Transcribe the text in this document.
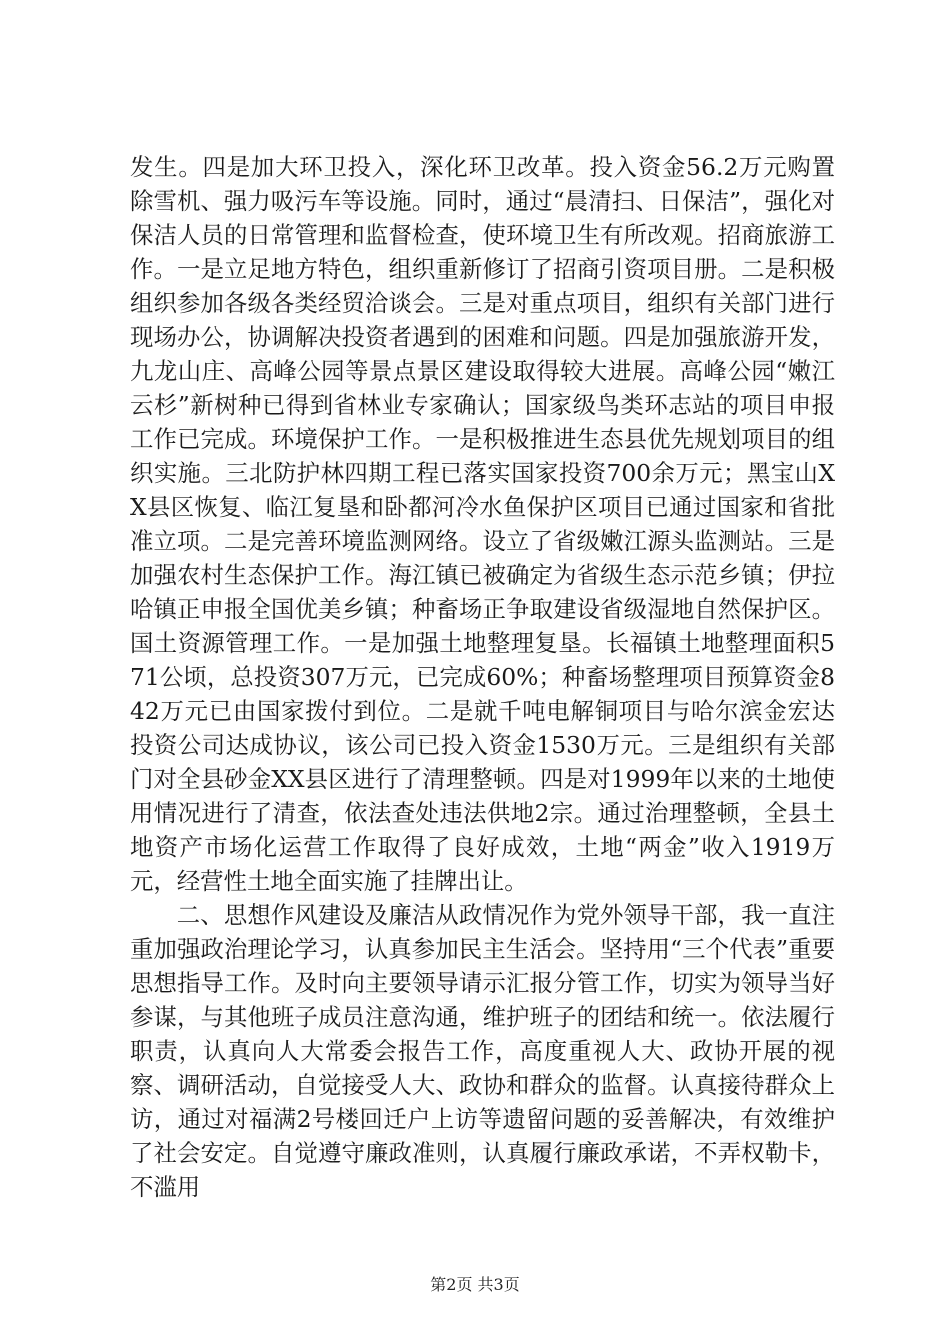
发生。四是加大环卫投入，深化环卫改革。投入资金56.2万元购置除雪机、强力吸污车等设施。同时，通过“晨清扫、日保洁”，强化对保洁人员的日常管理和监督检查，使环境卫生有所改观。招商旅游工作。一是立足地方特色，组织重新修订了招商引资项目册。二是积极组织参加各级各类经贸洽谈会。三是对重点项目，组织有关部门进行现场办公，协调解决投资者遇到的困难和问题。四是加强旅游开发，九龙山庄、高峰公园等景点景区建设取得较大进展。高峰公园“嫩江云杉”新树种已得到省林业专家确认；国家级鸟类环志站的项目申报工作已完成。环境保护工作。一是积极推进生态县优先规划项目的组织实施。三北防护林四期工程已落实国家投资700余万元；黑宝山XX县区恢复、临江复垦和卧都河冷水鱼保护区项目已通过国家和省批准立项。二是完善环境监测网络。设立了省级嫩江源头监测站。三是加强农村生态保护工作。海江镇已被确定为省级生态示范乡镇；伊拉哈镇正申报全国优美乡镇；种畜场正争取建设省级湿地自然保护区。国土资源管理工作。一是加强土地整理复垦。长福镇土地整理面积571公顷，总投资307万元，已完成60%；种畜场整理项目预算资金842万元已由国家拨付到位。二是就千吨电解铜项目与哈尔滨金宏达投资公司达成协议，该公司已投入资金1530万元。三是组织有关部门对全县砂金XX县区进行了清理整顿。四是对1999年以来的土地使用情况进行了清查，依法查处违法供地2宗。通过治理整顿，全县土地资产市场化运营工作取得了良好成效，土地“两金”收入1919万元，经营性土地全面实施了挂牌出让。

二、思想作风建设及廉洁从政情况作为党外领导干部，我一直注重加强政治理论学习，认真参加民主生活会。坚持用“三个代表”重要思想指导工作。及时向主要领导请示汇报分管工作，切实为领导当好参谋，与其他班子成员注意沟通，维护班子的团结和统一。依法履行职责，认真向人大常委会报告工作，高度重视人大、政协开展的视察、调研活动，自觉接受人大、政协和群众的监督。认真接待群众上访，通过对福满2号楼回迁户上访等遗留问题的妥善解决，有效维护了社会安定。自觉遵守廉政准则，认真履行廉政承诺，不弄权勒卡，不滥用

第2页 共3页
